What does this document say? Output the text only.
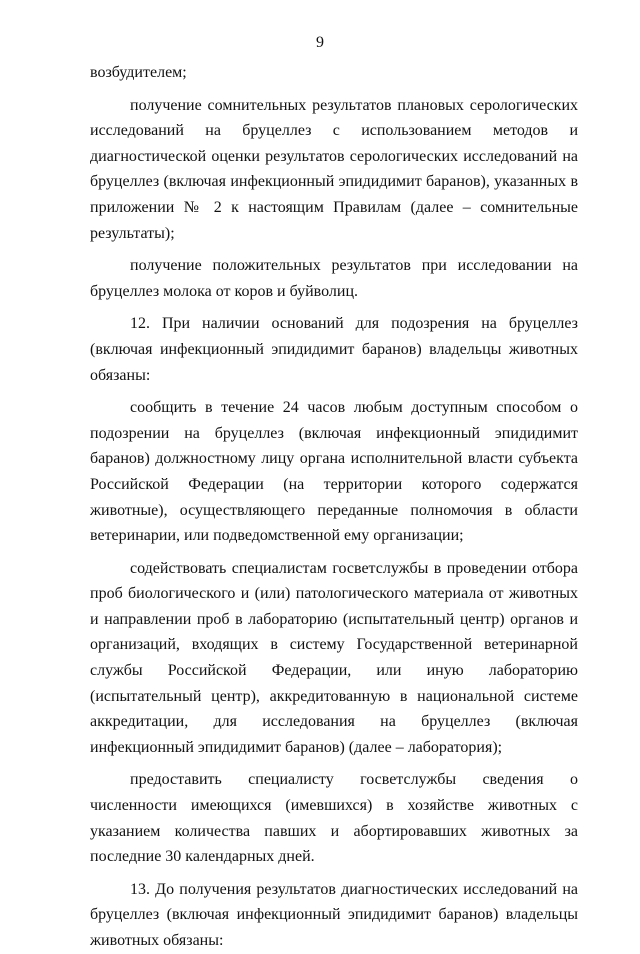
9

возбудителем;

получение сомнительных результатов плановых серологических исследований на бруцеллез с использованием методов и диагностической оценки результатов серологических исследований на бруцеллез (включая инфекционный эпидидимит баранов), указанных в приложении № 2 к настоящим Правилам (далее – сомнительные результаты);

получение положительных результатов при исследовании на бруцеллез молока от коров и буйволиц.

12. При наличии оснований для подозрения на бруцеллез (включая инфекционный эпидидимит баранов) владельцы животных обязаны:

сообщить в течение 24 часов любым доступным способом о подозрении на бруцеллез (включая инфекционный эпидидимит баранов) должностному лицу органа исполнительной власти субъекта Российской Федерации (на территории которого содержатся животные), осуществляющего переданные полномочия в области ветеринарии, или подведомственной ему организации;

содействовать специалистам госветслужбы в проведении отбора проб биологического и (или) патологического материала от животных и направлении проб в лабораторию (испытательный центр) органов и организаций, входящих в систему Государственной ветеринарной службы Российской Федерации, или иную лабораторию (испытательный центр), аккредитованную в национальной системе аккредитации, для исследования на бруцеллез (включая инфекционный эпидидимит баранов) (далее – лаборатория);

предоставить специалисту госветслужбы сведения о численности имеющихся (имевшихся) в хозяйстве животных с указанием количества павших и абортировавших животных за последние 30 календарных дней.

13. До получения результатов диагностических исследований на бруцеллез (включая инфекционный эпидидимит баранов) владельцы животных обязаны:
